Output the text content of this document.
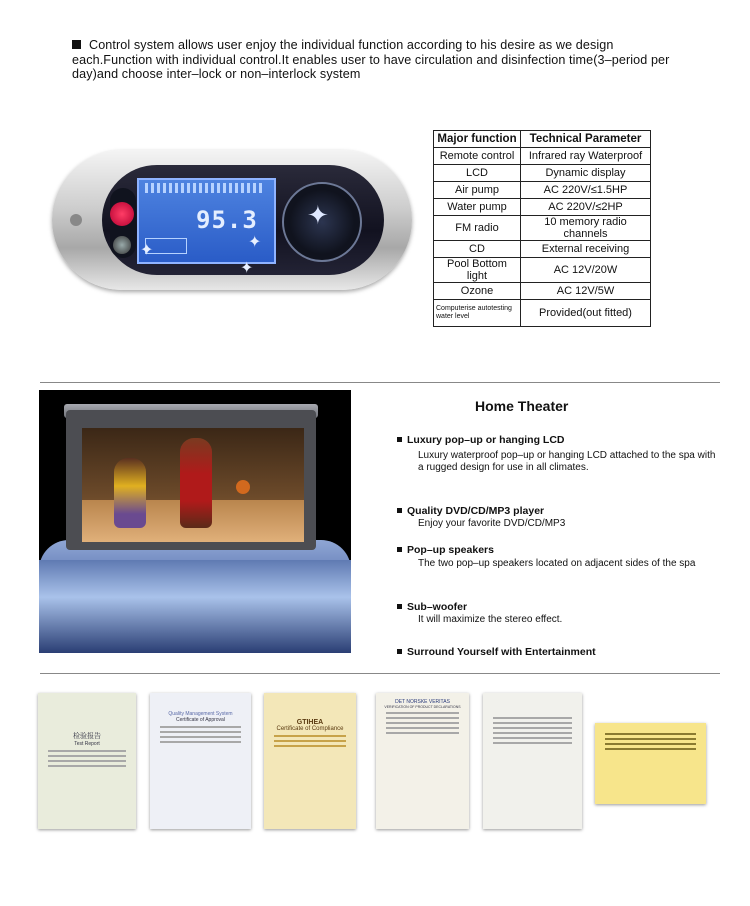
Control system allows user enjoy the individual function according to his desire as we design each.Function with individual control.It enables user to have circulation and disinfection time(3–period per day)and choose inter–lock or non–interlock system
95.3
✦	✦
✦
✦
Major function	Technical Parameter
Remote control	Infrared ray Waterproof
LCD	Dynamic display
Air pump	AC 220V/≤1.5HP
Water pump	AC 220V/≤2HP
FM radio	10 memory radio channels
CD	External receiving
Pool Bottom light	AC 12V/20W
Ozone	AC 12V/5W
Computerise autotesting water level	Provided(out fitted)
Home Theater
Luxury pop–up or hanging LCD
Luxury waterproof pop–up or hanging LCD attached to the spa with a rugged design for use in all climates.
Quality DVD/CD/MP3 player
Enjoy your favorite DVD/CD/MP3
Pop–up speakers
The two pop–up speakers located on adjacent sides of the spa
Sub–woofer
It will maximize the stereo effect.
Surround Yourself with Entertainment
检验报告
Test Report
Quality Management System
Certificate of Approval	GTIHEA
Certificate of Compliance
DET NORSKE VERITAS
VERIFICATION OF PRODUCT DECLARATIONS
